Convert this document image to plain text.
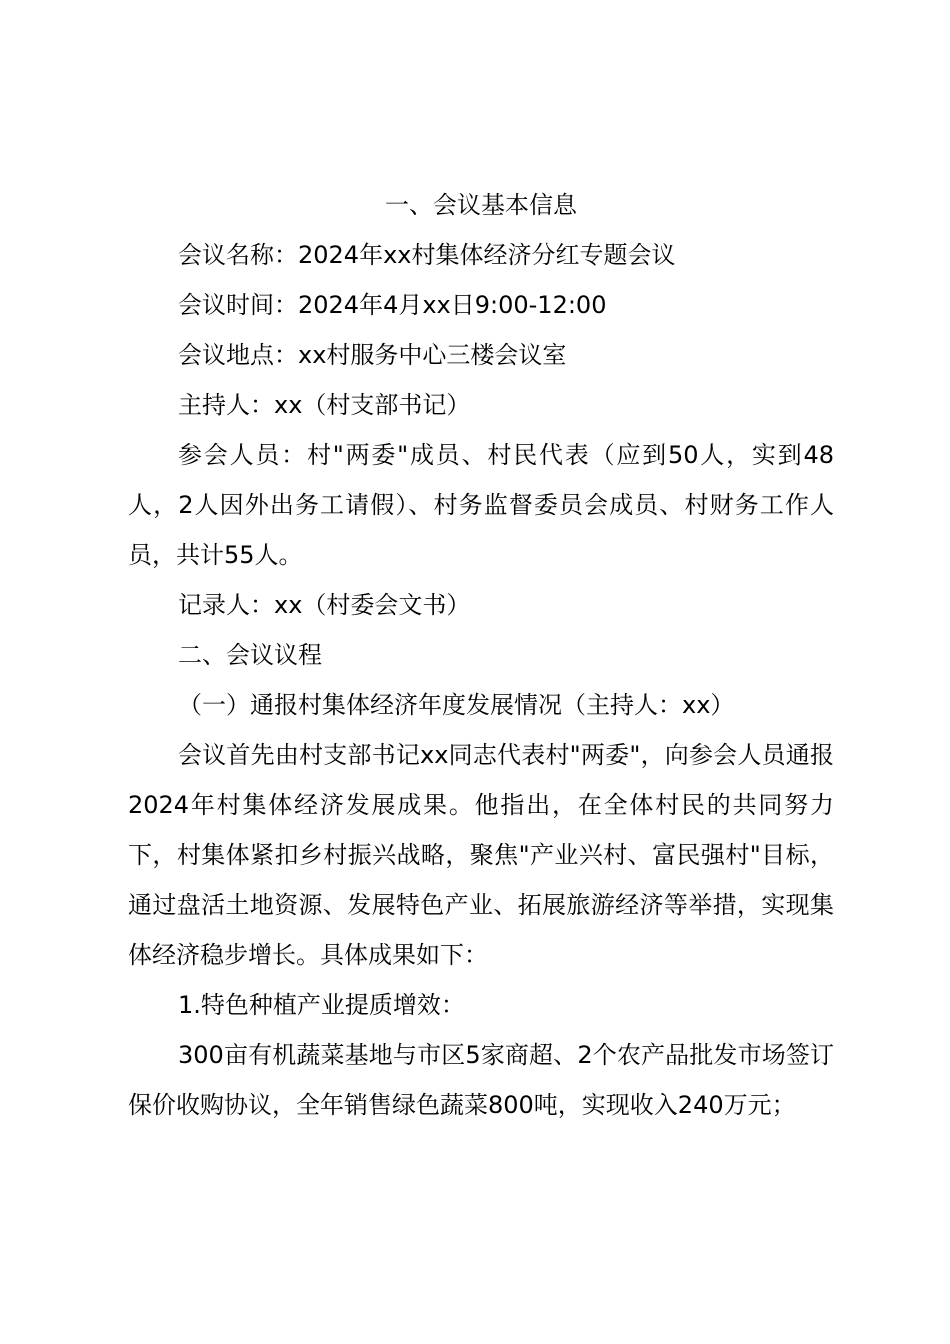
一、会议基本信息

会议名称：2024年xx村集体经济分红专题会议

会议时间：2024年4月xx日9:00-12:00

会议地点：xx村服务中心三楼会议室

主持人：xx（村支部书记）

参会人员：村"两委"成员、村民代表（应到50人，实到48人，2人因外出务工请假）、村务监督委员会成员、村财务工作人员，共计55人。

记录人：xx（村委会文书）

二、会议议程

（一）通报村集体经济年度发展情况（主持人：xx）

会议首先由村支部书记xx同志代表村"两委"，向参会人员通报2024年村集体经济发展成果。他指出，在全体村民的共同努力下，村集体紧扣乡村振兴战略，聚焦"产业兴村、富民强村"目标，通过盘活土地资源、发展特色产业、拓展旅游经济等举措，实现集体经济稳步增长。具体成果如下：

1.特色种植产业提质增效：

300亩有机蔬菜基地与市区5家商超、2个农产品批发市场签订保价收购协议，全年销售绿色蔬菜800吨，实现收入240万元；
